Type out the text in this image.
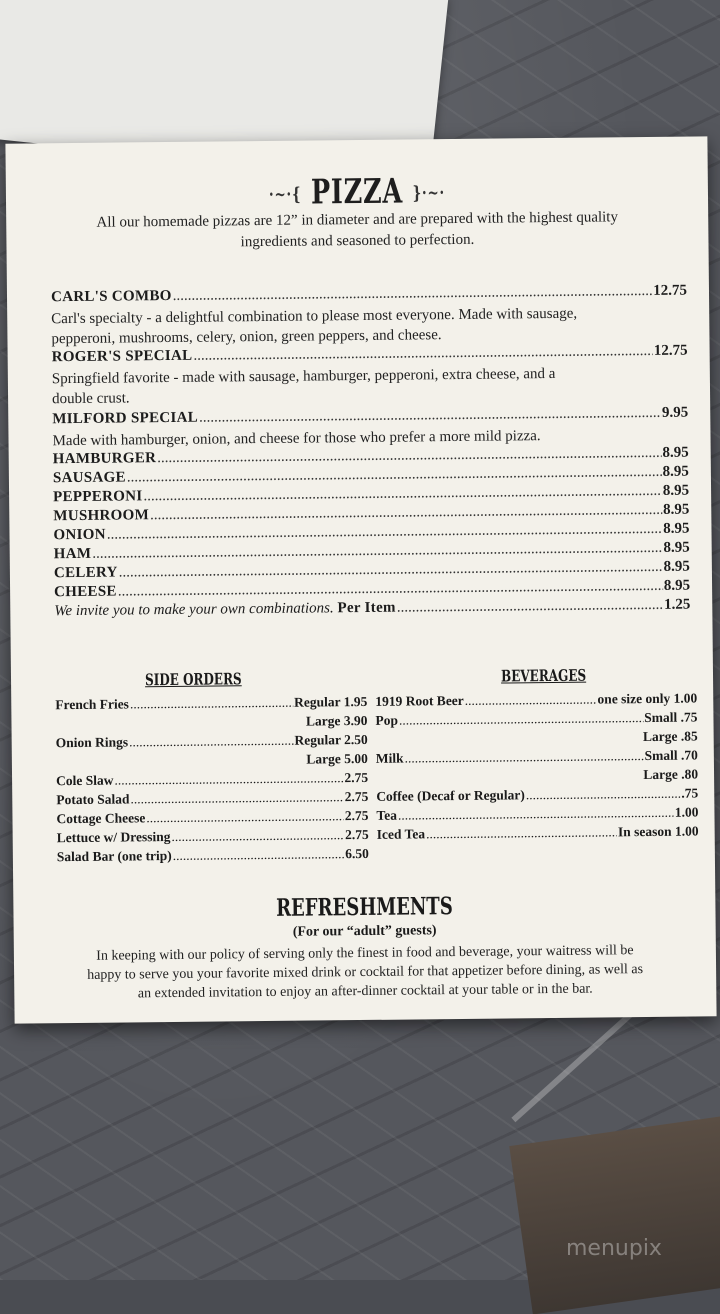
·~·{ PIZZA }·~·
All our homemade pizzas are 12” in diameter and are prepared with the highest quality
ingredients and seasoned to perfection.
CARL'S COMBO .....	12.75
Carl's specialty - a delightful combination to please most everyone. Made with sausage,
pepperoni, mushrooms, celery, onion, green peppers, and cheese.
ROGER'S SPECIAL .....	12.75
Springfield favorite - made with sausage, hamburger, pepperoni, extra cheese, and a
double crust.
MILFORD SPECIAL .....	9.95
Made with hamburger, onion, and cheese for those who prefer a more mild pizza.
HAMBURGER .....	8.95
SAUSAGE .....	8.95
PEPPERONI .....	8.95
MUSHROOM .....	8.95
ONION .....	8.95
HAM .....	8.95
CELERY .....	8.95
CHEESE .....	8.95
We invite you to make your own combinations.
Per Item .....	1.25
SIDE ORDERS
French Fries .....	Regular 1.95
Large 3.90
Onion Rings .....	Regular 2.50
Large 5.00
Cole Slaw .....	2.75
Potato Salad .....	2.75
Cottage Cheese .....	2.75
Lettuce w/ Dressing .....	2.75
Salad Bar (one trip) .....	6.50
BEVERAGES
1919 Root Beer .....	one size only 1.00
Pop .....	Small .75
Large .85
Milk .....	Small .70
Large .80
Coffee (Decaf or Regular) .....	.75
Tea .....	1.00
Iced Tea .....	In season 1.00
REFRESHMENTS
(For our “adult” guests)
In keeping with our policy of serving only the finest in food and beverage, your waitress will be
happy to serve you your favorite mixed drink or cocktail for that appetizer before dining, as well as
an extended invitation to enjoy an after-dinner cocktail at your table or in the bar.
menupix
